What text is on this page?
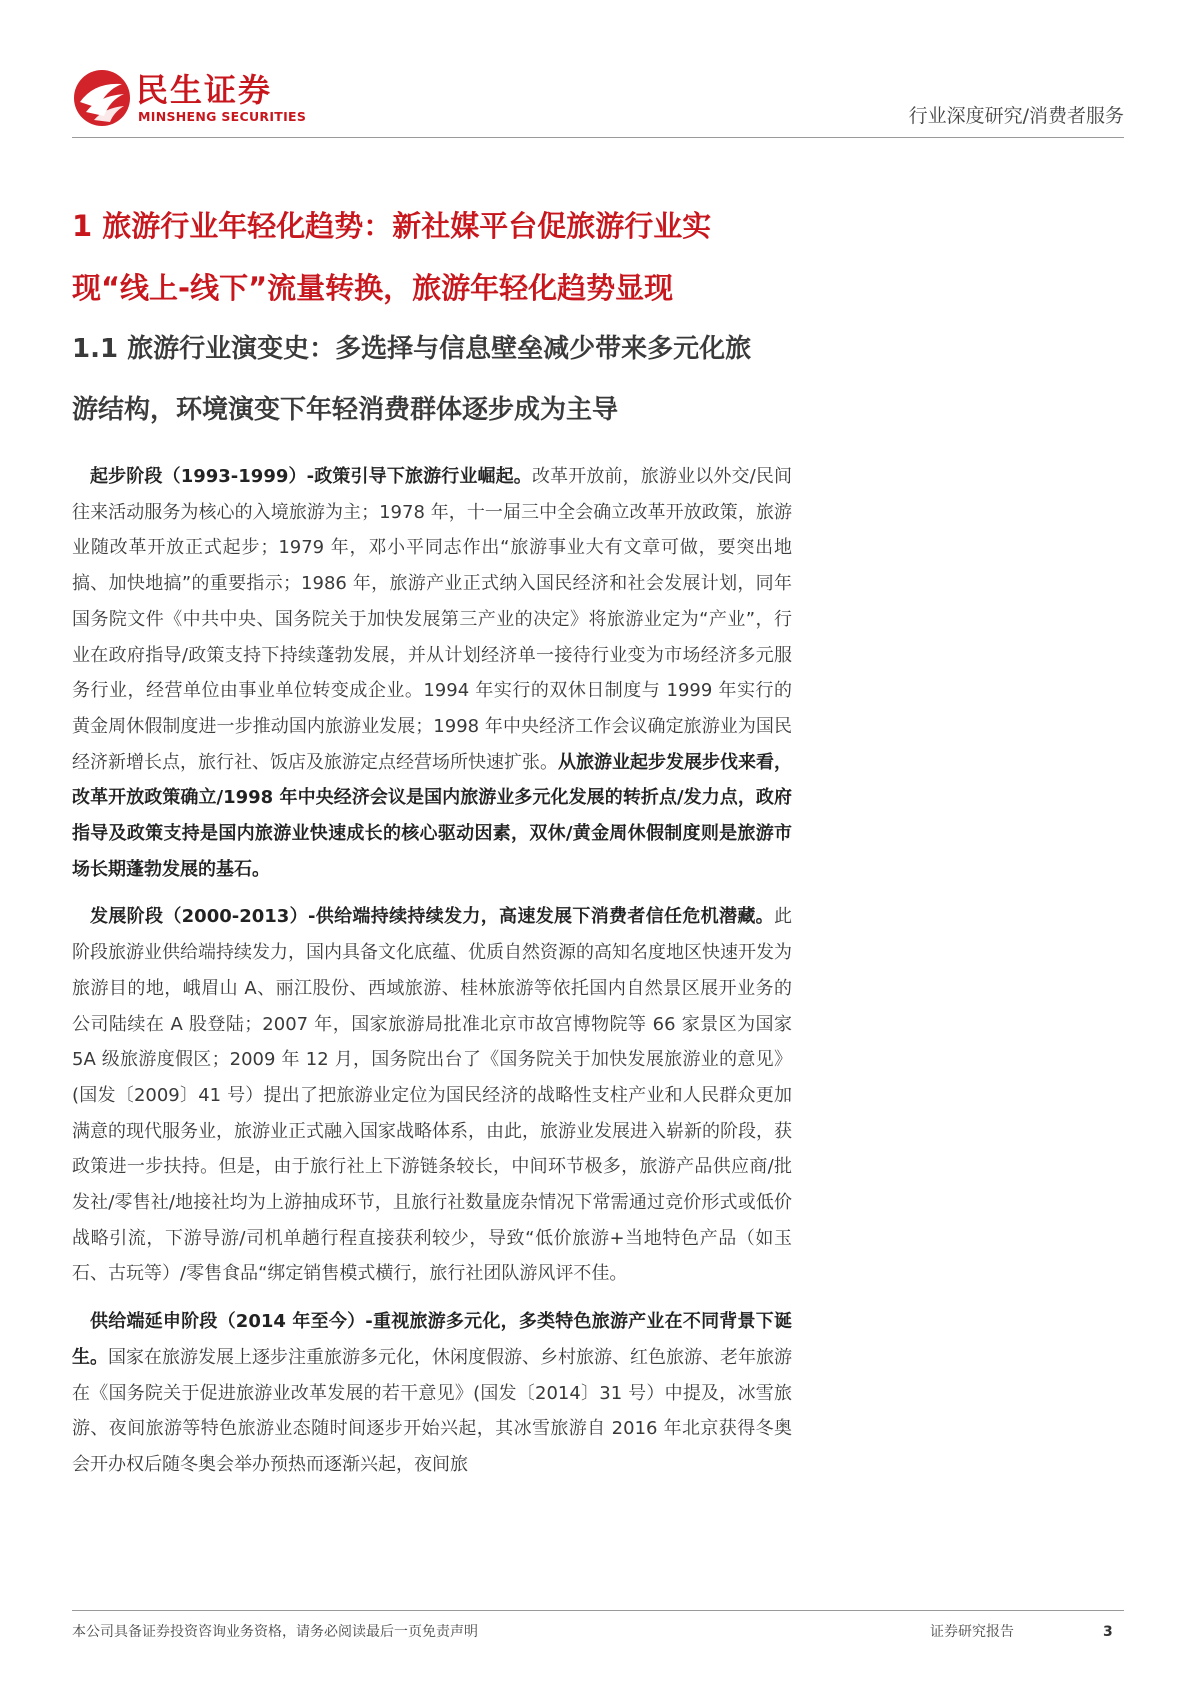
民生证券
MINSHENG SECURITIES	行业深度研究/消费者服务

1 旅游行业年轻化趋势：新社媒平台促旅游行业实

现“线上-线下”流量转换，旅游年轻化趋势显现

1.1 旅游行业演变史：多选择与信息壁垒减少带来多元化旅

游结构，环境演变下年轻消费群体逐步成为主导

起步阶段（1993-1999）-政策引导下旅游行业崛起。改革开放前，旅游业以外交/民间往来活动服务为核心的入境旅游为主；1978 年，十一届三中全会确立改革开放政策，旅游业随改革开放正式起步；1979 年，邓小平同志作出“旅游事业大有文章可做，要突出地搞、加快地搞”的重要指示；1986 年，旅游产业正式纳入国民经济和社会发展计划，同年国务院文件《中共中央、国务院关于加快发展第三产业的决定》将旅游业定为“产业”，行业在政府指导/政策支持下持续蓬勃发展，并从计划经济单一接待行业变为市场经济多元服务行业，经营单位由事业单位转变成企业。1994 年实行的双休日制度与 1999 年实行的黄金周休假制度进一步推动国内旅游业发展；1998 年中央经济工作会议确定旅游业为国民经济新增长点，旅行社、饭店及旅游定点经营场所快速扩张。从旅游业起步发展步伐来看，改革开放政策确立/1998 年中央经济会议是国内旅游业多元化发展的转折点/发力点，政府指导及政策支持是国内旅游业快速成长的核心驱动因素，双休/黄金周休假制度则是旅游市场长期蓬勃发展的基石。

发展阶段（2000-2013）-供给端持续持续发力，高速发展下消费者信任危机潜藏。此阶段旅游业供给端持续发力，国内具备文化底蕴、优质自然资源的高知名度地区快速开发为旅游目的地，峨眉山 A、丽江股份、西域旅游、桂林旅游等依托国内自然景区展开业务的公司陆续在 A 股登陆；2007 年，国家旅游局批准北京市故宫博物院等 66 家景区为国家 5A 级旅游度假区；2009 年 12 月，国务院出台了《国务院关于加快发展旅游业的意见》(国发〔2009〕41 号）提出了把旅游业定位为国民经济的战略性支柱产业和人民群众更加满意的现代服务业，旅游业正式融入国家战略体系，由此，旅游业发展进入崭新的阶段，获政策进一步扶持。但是，由于旅行社上下游链条较长，中间环节极多，旅游产品供应商/批发社/零售社/地接社均为上游抽成环节，且旅行社数量庞杂情况下常需通过竞价形式或低价战略引流，下游导游/司机单趟行程直接获利较少，导致“低价旅游+当地特色产品（如玉石、古玩等）/零售食品“绑定销售模式横行，旅行社团队游风评不佳。

供给端延申阶段（2014 年至今）-重视旅游多元化，多类特色旅游产业在不同背景下诞生。国家在旅游发展上逐步注重旅游多元化，休闲度假游、乡村旅游、红色旅游、老年旅游在《国务院关于促进旅游业改革发展的若干意见》(国发〔2014〕31 号）中提及，冰雪旅游、夜间旅游等特色旅游业态随时间逐步开始兴起，其冰雪旅游自 2016 年北京获得冬奥会开办权后随冬奥会举办预热而逐渐兴起，夜间旅

本公司具备证券投资咨询业务资格，请务必阅读最后一页免责声明	证券研究报告	3
